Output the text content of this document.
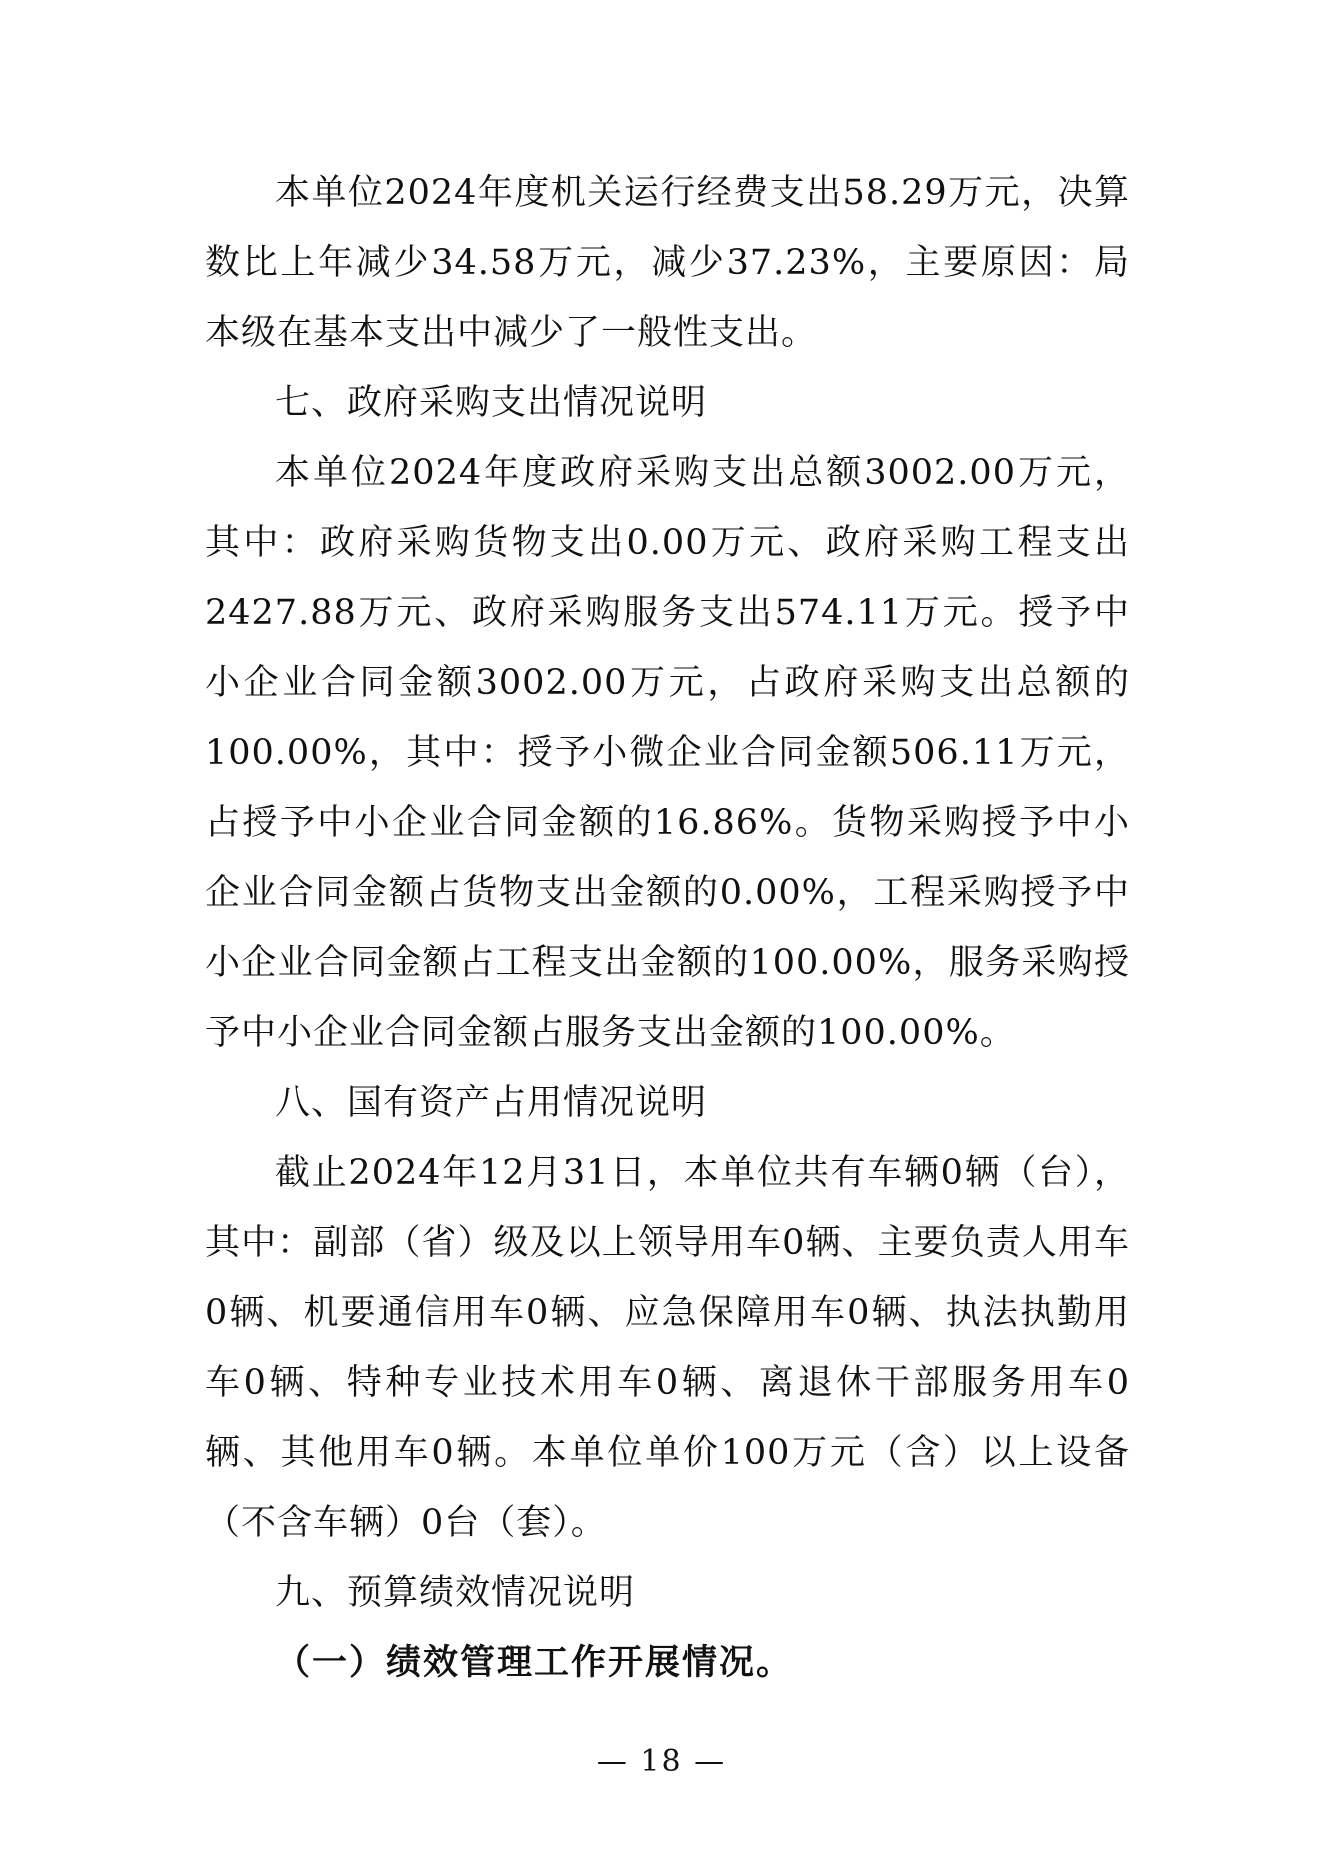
本单位2024年度机关运行经费支出58.29万元，决算数比上年减少34.58万元，减少37.23%，主要原因：局本级在基本支出中减少了一般性支出。

七、政府采购支出情况说明

本单位2024年度政府采购支出总额3002.00万元，其中：政府采购货物支出0.00万元、政府采购工程支出2427.88万元、政府采购服务支出574.11万元。授予中小企业合同金额3002.00万元，占政府采购支出总额的100.00%，其中：授予小微企业合同金额506.11万元，占授予中小企业合同金额的16.86%。货物采购授予中小企业合同金额占货物支出金额的0.00%，工程采购授予中小企业合同金额占工程支出金额的100.00%，服务采购授予中小企业合同金额占服务支出金额的100.00%。

八、国有资产占用情况说明

截止2024年12月31日，本单位共有车辆0辆（台），其中：副部（省）级及以上领导用车0辆、主要负责人用车0辆、机要通信用车0辆、应急保障用车0辆、执法执勤用车0辆、特种专业技术用车0辆、离退休干部服务用车0辆、其他用车0辆。本单位单价100万元（含）以上设备（不含车辆）0台（套）。

九、预算绩效情况说明
（一）绩效管理工作开展情况。
— 18 —
